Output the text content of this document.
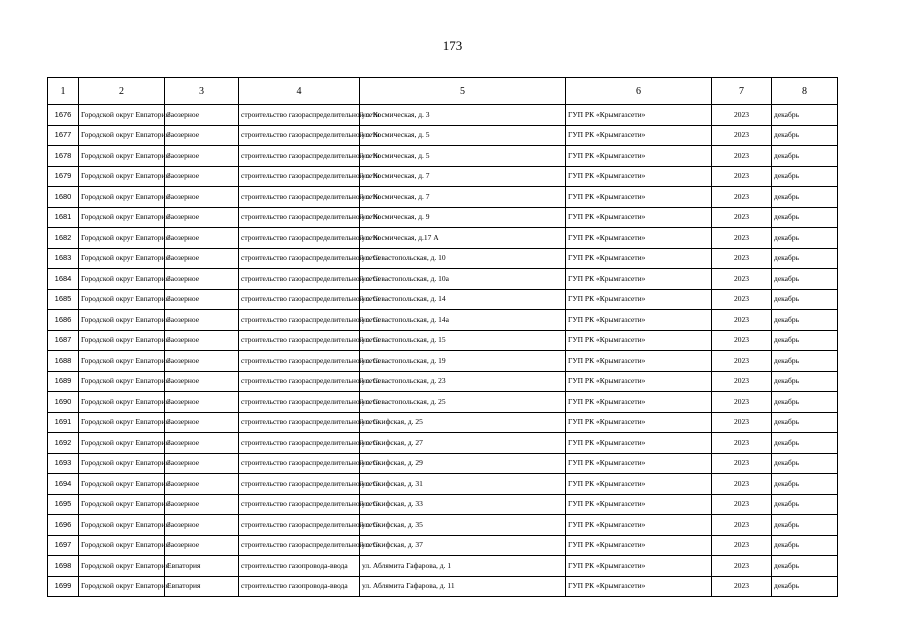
173
1	2	3	4	5	6	7	8
1676	Городской округ Евпатория	Заозерное	строительство газораспределительной сети	ул. Космическая, д. 3	ГУП РК «Крымгазсети»	2023	декабрь
1677	Городской округ Евпатория	Заозерное	строительство газораспределительной сети	ул. Космическая, д. 5	ГУП РК «Крымгазсети»	2023	декабрь
1678	Городской округ Евпатория	Заозерное	строительство газораспределительной сети	ул. Космическая, д. 5	ГУП РК «Крымгазсети»	2023	декабрь
1679	Городской округ Евпатория	Заозерное	строительство газораспределительной сети	ул. Космическая, д. 7	ГУП РК «Крымгазсети»	2023	декабрь
1680	Городской округ Евпатория	Заозерное	строительство газораспределительной сети	ул. Космическая, д. 7	ГУП РК «Крымгазсети»	2023	декабрь
1681	Городской округ Евпатория	Заозерное	строительство газораспределительной сети	ул. Космическая, д. 9	ГУП РК «Крымгазсети»	2023	декабрь
1682	Городской округ Евпатория	Заозерное	строительство газораспределительной сети	ул. Космическая, д.17 А	ГУП РК «Крымгазсети»	2023	декабрь
1683	Городской округ Евпатория	Заозерное	строительство газораспределительной сети	ул. Севастопольская, д. 10	ГУП РК «Крымгазсети»	2023	декабрь
1684	Городской округ Евпатория	Заозерное	строительство газораспределительной сети	ул. Севастопольская, д. 10а	ГУП РК «Крымгазсети»	2023	декабрь
1685	Городской округ Евпатория	Заозерное	строительство газораспределительной сети	ул. Севастопольская, д. 14	ГУП РК «Крымгазсети»	2023	декабрь
1686	Городской округ Евпатория	Заозерное	строительство газораспределительной сети	ул. Севастопольская, д. 14а	ГУП РК «Крымгазсети»	2023	декабрь
1687	Городской округ Евпатория	Заозерное	строительство газораспределительной сети	ул. Севастопольская, д. 15	ГУП РК «Крымгазсети»	2023	декабрь
1688	Городской округ Евпатория	Заозерное	строительство газораспределительной сети	ул. Севастопольская, д. 19	ГУП РК «Крымгазсети»	2023	декабрь
1689	Городской округ Евпатория	Заозерное	строительство газораспределительной сети	ул. Севастопольская, д. 23	ГУП РК «Крымгазсети»	2023	декабрь
1690	Городской округ Евпатория	Заозерное	строительство газораспределительной сети	ул. Севастопольская, д. 25	ГУП РК «Крымгазсети»	2023	декабрь
1691	Городской округ Евпатория	Заозерное	строительство газораспределительной сети	ул. Скифская, д. 25	ГУП РК «Крымгазсети»	2023	декабрь
1692	Городской округ Евпатория	Заозерное	строительство газораспределительной сети	ул. Скифская, д. 27	ГУП РК «Крымгазсети»	2023	декабрь
1693	Городской округ Евпатория	Заозерное	строительство газораспределительной сети	ул. Скифская, д. 29	ГУП РК «Крымгазсети»	2023	декабрь
1694	Городской округ Евпатория	Заозерное	строительство газораспределительной сети	ул. Скифская, д. 31	ГУП РК «Крымгазсети»	2023	декабрь
1695	Городской округ Евпатория	Заозерное	строительство газораспределительной сети	ул. Скифская, д. 33	ГУП РК «Крымгазсети»	2023	декабрь
1696	Городской округ Евпатория	Заозерное	строительство газораспределительной сети	ул. Скифская, д. 35	ГУП РК «Крымгазсети»	2023	декабрь
1697	Городской округ Евпатория	Заозерное	строительство газораспределительной сети	ул. Скифская, д. 37	ГУП РК «Крымгазсети»	2023	декабрь
1698	Городской округ Евпатория	Евпатория	строительство газопровода-ввода	ул. Аблямита Гафарова, д. 1	ГУП РК «Крымгазсети»	2023	декабрь
1699	Городской округ Евпатория	Евпатория	строительство газопровода-ввода	ул. Аблямита Гафарова, д. 11	ГУП РК «Крымгазсети»	2023	декабрь
